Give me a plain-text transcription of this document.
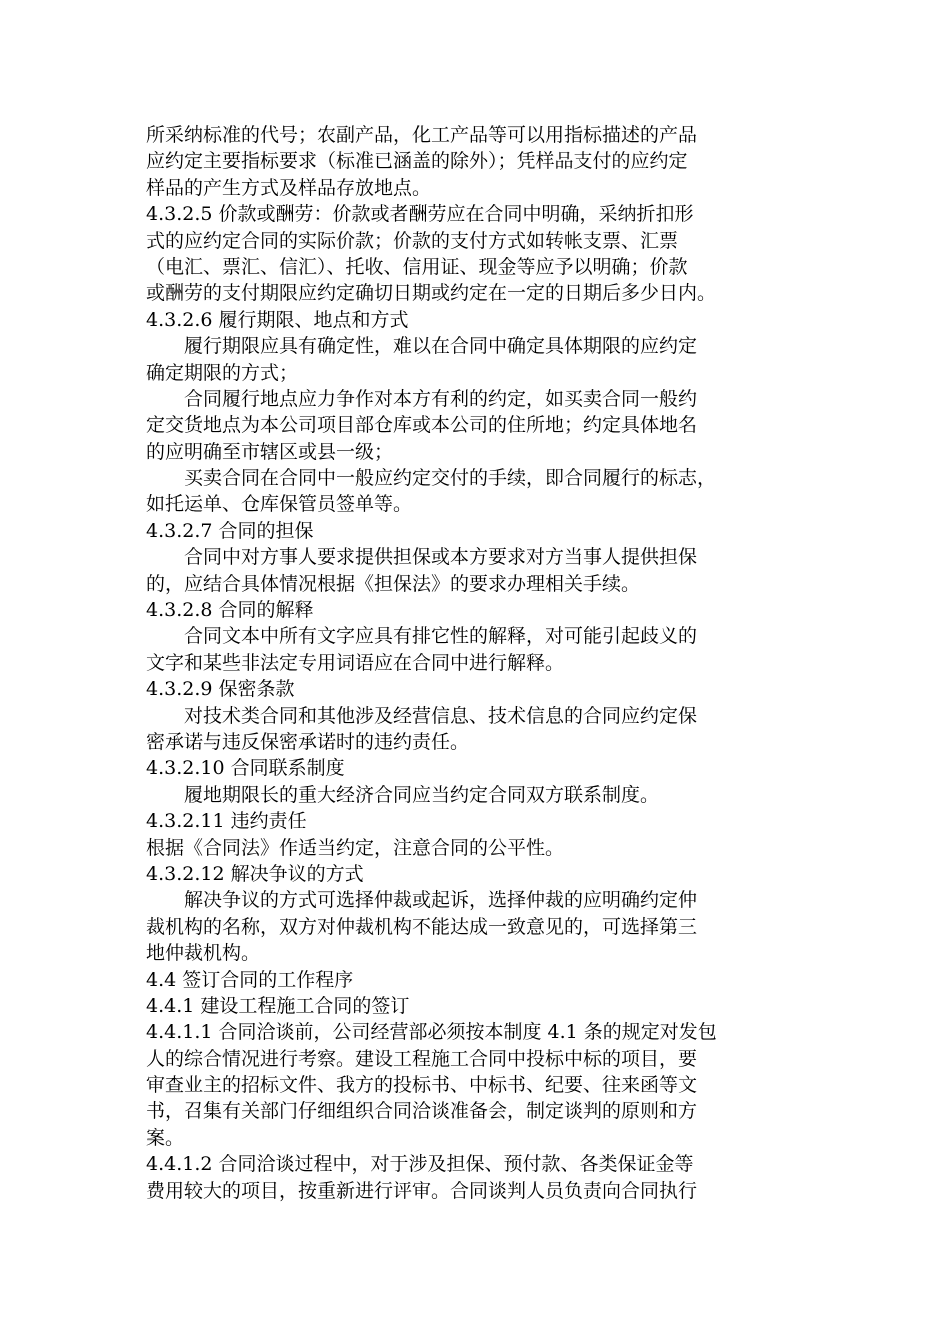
所采纳标准的代号；农副产品，化工产品等可以用指标描述的产品
应约定主要指标要求（标准已涵盖的除外）；凭样品支付的应约定
样品的产生方式及样品存放地点。
4.3.2.5 价款或酬劳：价款或者酬劳应在合同中明确，采纳折扣形
式的应约定合同的实际价款；价款的支付方式如转帐支票、汇票
（电汇、票汇、信汇）、托收、信用证、现金等应予以明确；价款
或酬劳的支付期限应约定确切日期或约定在一定的日期后多少日内。
4.3.2.6 履行期限、地点和方式
履行期限应具有确定性，难以在合同中确定具体期限的应约定
确定期限的方式；
合同履行地点应力争作对本方有利的约定，如买卖合同一般约
定交货地点为本公司项目部仓库或本公司的住所地；约定具体地名
的应明确至市辖区或县一级；
买卖合同在合同中一般应约定交付的手续，即合同履行的标志，
如托运单、仓库保管员签单等。
4.3.2.7 合同的担保
合同中对方事人要求提供担保或本方要求对方当事人提供担保
的，应结合具体情况根据《担保法》的要求办理相关手续。
4.3.2.8 合同的解释
合同文本中所有文字应具有排它性的解释，对可能引起歧义的
文字和某些非法定专用词语应在合同中进行解释。
4.3.2.9 保密条款
对技术类合同和其他涉及经营信息、技术信息的合同应约定保
密承诺与违反保密承诺时的违约责任。
4.3.2.10 合同联系制度
履地期限长的重大经济合同应当约定合同双方联系制度。
4.3.2.11 违约责任
根据《合同法》作适当约定，注意合同的公平性。
4.3.2.12 解决争议的方式
解决争议的方式可选择仲裁或起诉，选择仲裁的应明确约定仲
裁机构的名称，双方对仲裁机构不能达成一致意见的，可选择第三
地仲裁机构。
4.4 签订合同的工作程序
4.4.1 建设工程施工合同的签订
4.4.1.1 合同洽谈前，公司经营部必须按本制度 4.1 条的规定对发包
人的综合情况进行考察。建设工程施工合同中投标中标的项目，要
审查业主的招标文件、我方的投标书、中标书、纪要、往来函等文
书，召集有关部门仔细组织合同洽谈准备会，制定谈判的原则和方
案。
4.4.1.2 合同洽谈过程中，对于涉及担保、预付款、各类保证金等
费用较大的项目，按重新进行评审。合同谈判人员负责向合同执行
